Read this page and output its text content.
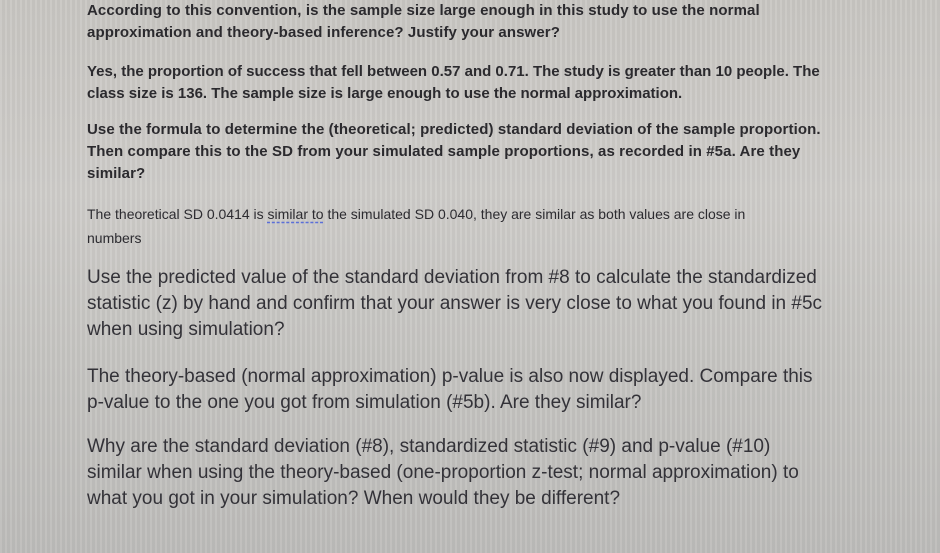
According to this convention, is the sample size large enough in this study to use the normal
approximation and theory-based inference? Justify your answer?
Yes, the proportion of success that fell between 0.57 and 0.71. The study is greater than 10 people. The
class size is 136. The sample size is large enough to use the normal approximation.
Use the formula to determine the (theoretical; predicted) standard deviation of the sample proportion.
Then compare this to the SD from your simulated sample proportions, as recorded in #5a. Are they
similar?
The theoretical SD 0.0414 is similar to the simulated SD 0.040, they are similar as both values are close in
numbers
Use the predicted value of the standard deviation from #8 to calculate the standardized
statistic (z) by hand and confirm that your answer is very close to what you found in #5c
when using simulation?
The theory-based (normal approximation) p-value is also now displayed. Compare this
p-value to the one you got from simulation (#5b). Are they similar?
Why are the standard deviation (#8), standardized statistic (#9) and p-value (#10)
similar when using the theory-based (one-proportion z-test; normal approximation) to
what you got in your simulation? When would they be different?
